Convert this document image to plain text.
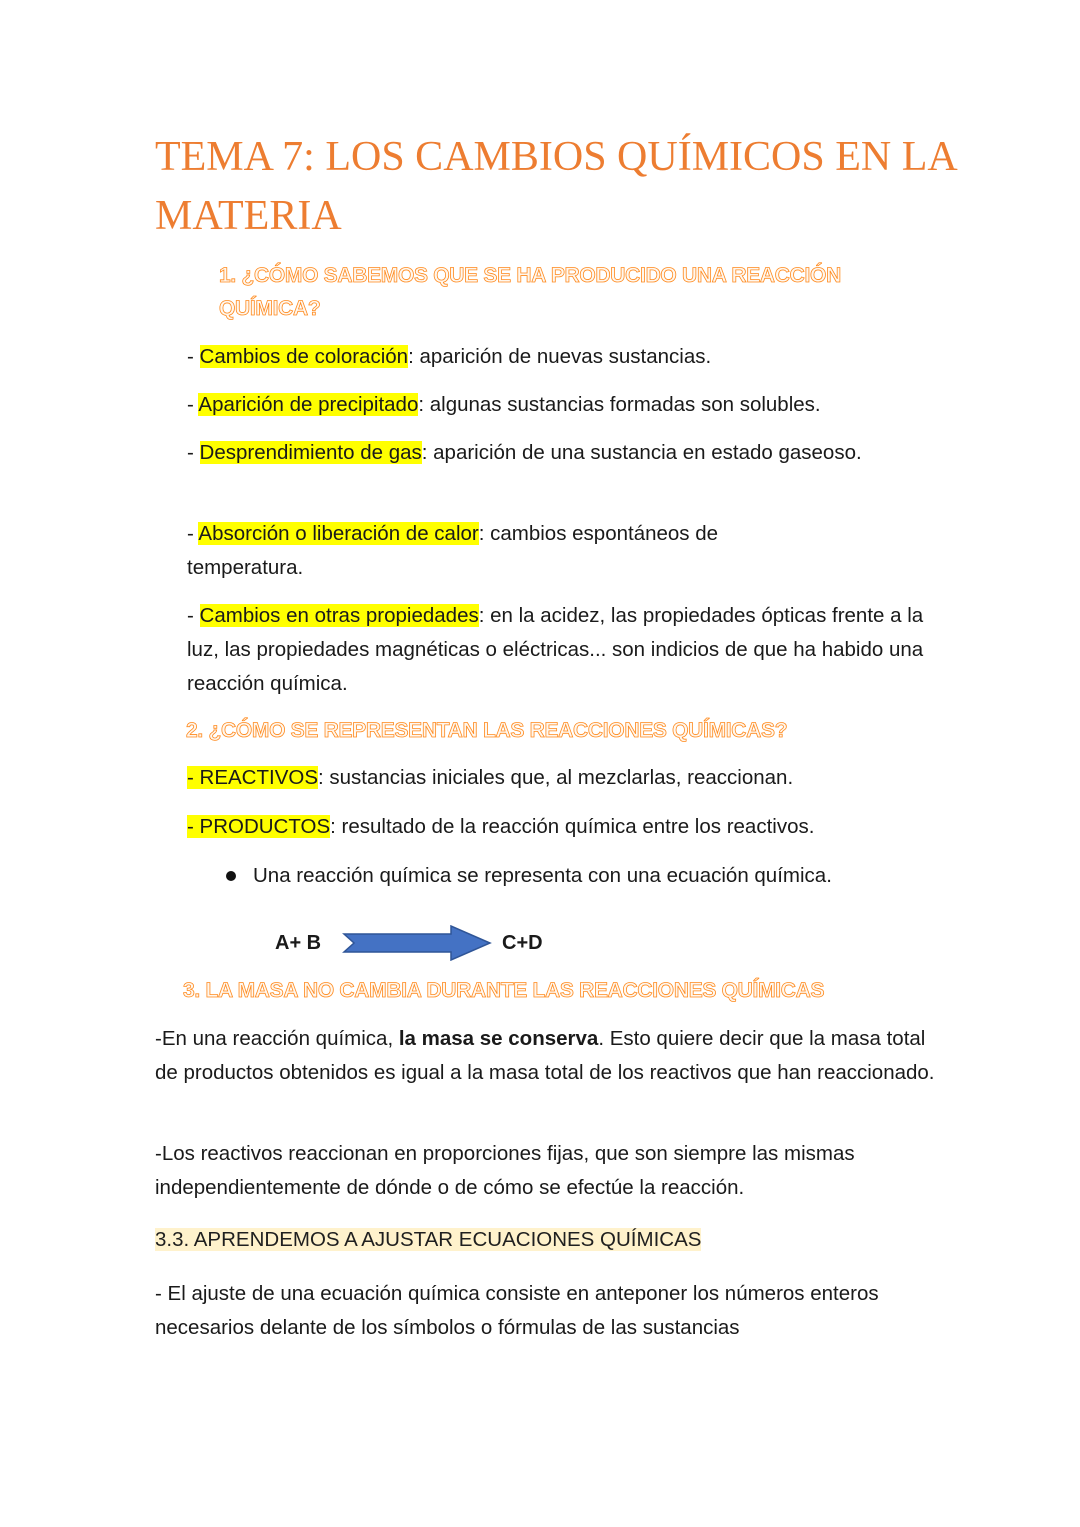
TEMA 7: LOS CAMBIOS QUÍMICOS EN LA MATERIA
1. ¿CÓMO SABEMOS QUE SE HA PRODUCIDO UNA REACCIÓN QUÍMICA?

- Cambios de coloración: aparición de nuevas sustancias.

- Aparición de precipitado: algunas sustancias formadas son solubles.

- Desprendimiento de gas: aparición de una sustancia en estado gaseoso.

- Absorción o liberación de calor: cambios espontáneos de temperatura.

- Cambios en otras propiedades: en la acidez, las propiedades ópticas frente a la luz, las propiedades magnéticas o eléctricas... son indicios de que ha habido una reacción química.

2. ¿CÓMO SE REPRESENTAN LAS REACCIONES QUÍMICAS?

- REACTIVOS: sustancias iniciales que, al mezclarlas, reaccionan.

- PRODUCTOS: resultado de la reacción química entre los reactivos.

Una reacción química se representa con una ecuación química.

A+ B	C+D
3. LA MASA NO CAMBIA DURANTE LAS REACCIONES QUÍMICAS

-En una reacción química, la masa se conserva. Esto quiere decir que la masa total de productos obtenidos es igual a la masa total de los reactivos que han reaccionado.

-Los reactivos reaccionan en proporciones fijas, que son siempre las mismas independientemente de dónde o de cómo se efectúe la reacción.

3.3. APRENDEMOS A AJUSTAR ECUACIONES QUÍMICAS

- El ajuste de una ecuación química consiste en anteponer los números enteros necesarios delante de los símbolos o fórmulas de las sustancias
